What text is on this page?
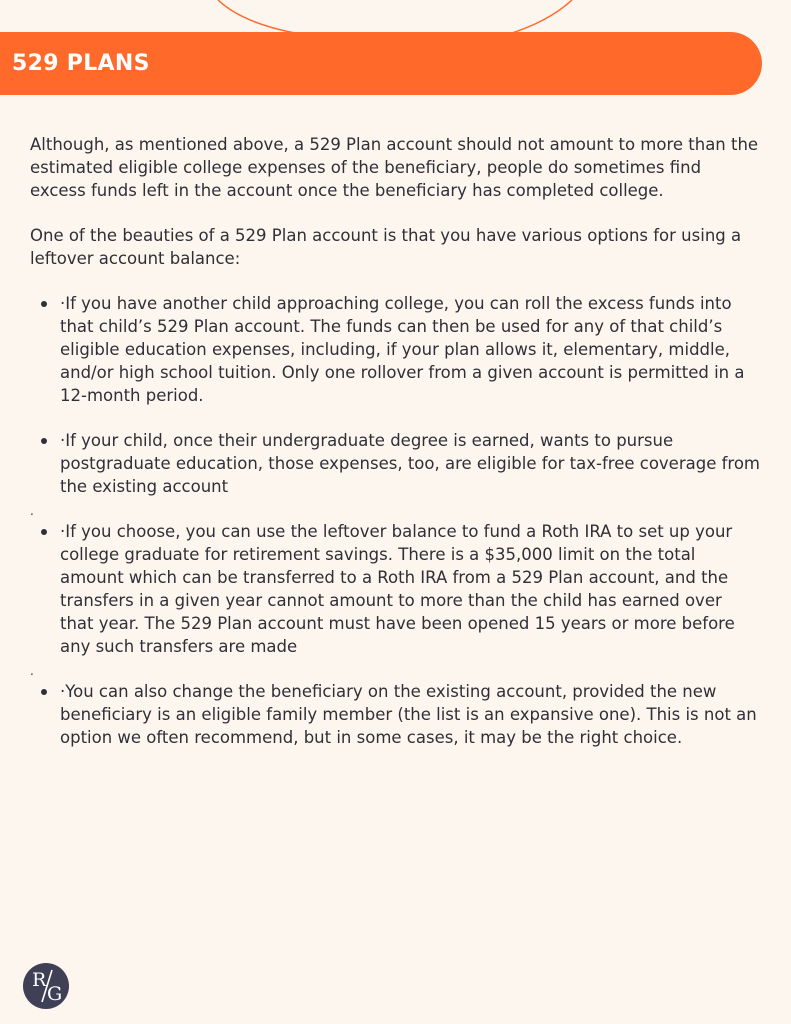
529 PLANS

Although, as mentioned above, a 529 Plan account should not amount to more than the estimated eligible college expenses of the beneficiary, people do sometimes find excess funds left in the account once the beneficiary has completed college.

One of the beauties of a 529 Plan account is that you have various options for using a leftover account balance:

·If you have another child approaching college, you can roll the excess funds into that child’s 529 Plan account. The funds can then be used for any of that child’s eligible education expenses, including, if your plan allows it, elementary, middle, and/or high school tuition. Only one rollover from a given account is permitted in a 12-month period.
·If your child, once their undergraduate degree is earned, wants to pursue postgraduate education, those expenses, too, are eligible for tax-free coverage from the existing account
.
·If you choose, you can use the leftover balance to fund a Roth IRA to set up your college graduate for retirement savings. There is a $35,000 limit on the total amount which can be transferred to a Roth IRA from a 529 Plan account, and the transfers in a given year cannot amount to more than the child has earned over that year. The 529 Plan account must have been opened 15 years or more before any such transfers are made
.
·You can also change the beneficiary on the existing account, provided the new beneficiary is an eligible family member (the list is an expansive one). This is not an option we often recommend, but in some cases, it may be the right choice.
R
G
